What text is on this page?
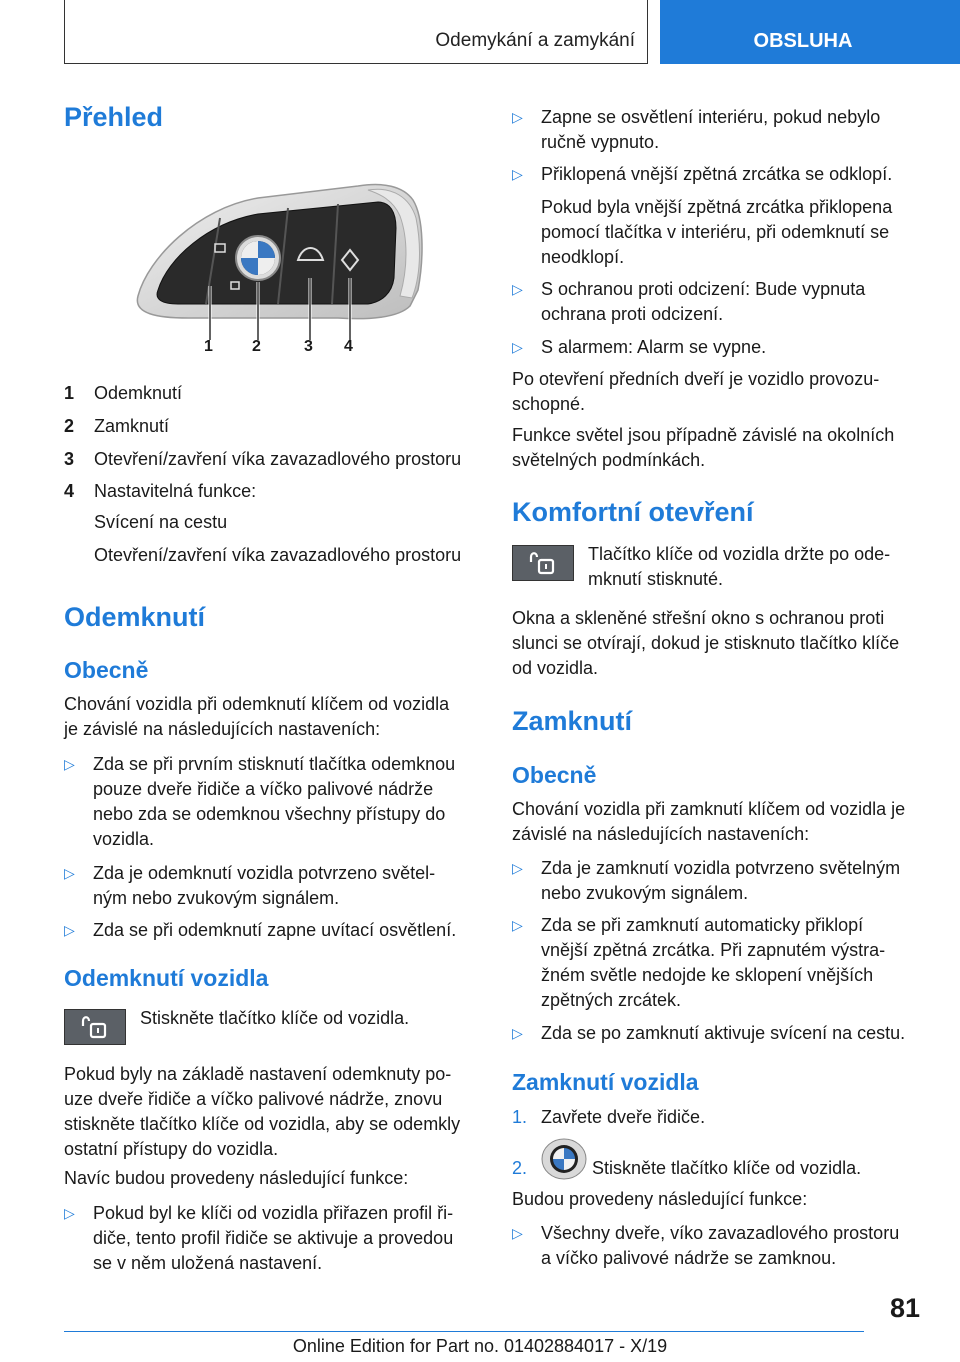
Odemykání a zamykání	OBSLUHA
Přehled
1 2	3 4
1 Odemknutí
2 Zamknutí
3 Otevření/zavření víka zavazadlového prostoru
4 Nastavitelná funkce:
Svícení na cestu
Otevření/zavření víka zavazadlového prostoru
Odemknutí
Obecně
Chování vozidla při odemknutí klíčem od vozidla
je závislé na následujících nastaveních:
▷ Zda se při prvním stisknutí tlačítka odemknou
pouze dveře řidiče a víčko palivové nádrže
nebo zda se odemknou všechny přístupy do
vozidla.
▷ Zda je odemknutí vozidla potvrzeno světel-
ným nebo zvukovým signálem.
▷ Zda se při odemknutí zapne uvítací osvětlení.
Odemknutí vozidla
Stiskněte tlačítko klíče od vozidla.
Pokud byly na základě nastavení odemknuty po-
uze dveře řidiče a víčko palivové nádrže, znovu
stiskněte tlačítko klíče od vozidla, aby se odemkly
ostatní přístupy do vozidla.
Navíc budou provedeny následující funkce:
▷ Pokud byl ke klíči od vozidla přiřazen profil ři-
diče, tento profil řidiče se aktivuje a provedou
se v něm uložená nastavení.
▷ Zapne se osvětlení interiéru, pokud nebylo
ručně vypnuto.
▷ Přiklopená vnější zpětná zrcátka se odklopí.
Pokud byla vnější zpětná zrcátka přiklopena
pomocí tlačítka v interiéru, při odemknutí se
neodklopí.
▷ S ochranou proti odcizení: Bude vypnuta
ochrana proti odcizení.
▷ S alarmem: Alarm se vypne.
Po otevření předních dveří je vozidlo provozu-
schopné.
Funkce světel jsou případně závislé na okolních
světelných podmínkách.
Komfortní otevření
Tlačítko klíče od vozidla držte po ode-
mknutí stisknuté.
Okna a skleněné střešní okno s ochranou proti
slunci se otvírají, dokud je stisknuto tlačítko klíče
od vozidla.
Zamknutí
Obecně
Chování vozidla při zamknutí klíčem od vozidla je
závislé na následujících nastaveních:
▷ Zda je zamknutí vozidla potvrzeno světelným
nebo zvukovým signálem.
▷ Zda se při zamknutí automaticky přiklopí
vnější zpětná zrcátka. Při zapnutém výstra-
žném světle nedojde ke sklopení vnějších
zpětných zrcátek.
▷ Zda se po zamknutí aktivuje svícení na cestu.
Zamknutí vozidla
1. Zavřete dveře řidiče.
2.	Stiskněte tlačítko klíče od vozidla.
Budou provedeny následující funkce:
▷ Všechny dveře, víko zavazadlového prostoru
a víčko palivové nádrže se zamknou.
81
Online Edition for Part no. 01402884017 - X/19
